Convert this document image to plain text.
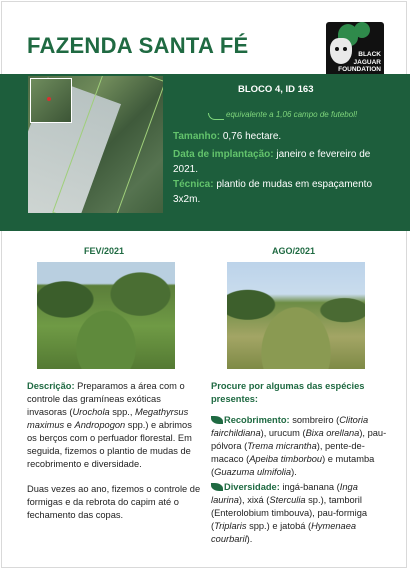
FAZENDA SANTA FÉ	BLACK
JAGUAR
FOUNDATION
BLOCO 4, ID 163
equivalente a 1,06 campo de futebol!
Tamanho: 0,76 hectare.
Data de implantação: janeiro e fevereiro de 2021.
Técnica: plantio de mudas em espaçamento 3x2m.
FEV/2021	AGO/2021

Descrição: Preparamos a área com o controle das gramíneas exóticas invasoras (Urochola spp., Megathyrsus maximus e Andropogon spp.) e abrimos os berços com o perfuador florestal. Em seguida, fizemos o plantio de mudas de recobrimento e diversidade.

Duas vezes ao ano, fizemos o controle de formigas e da rebrota do capim até o fechamento das copas.

Procure por algumas das espécies presentes:
Recobrimento: sombreiro (Clitoria fairchildiana), urucum (Bixa orellana), pau-pólvora (Trema micrantha), pente-de-macaco (Apeiba timborbou) e mutamba (Guazuma ulmifolia).
Diversidade: ingá-banana (Inga laurina), xixá (Sterculia sp.), tamboril (Enterolobium timbouva), pau-formiga (Triplaris spp.) e jatobá (Hymenaea courbaril).
